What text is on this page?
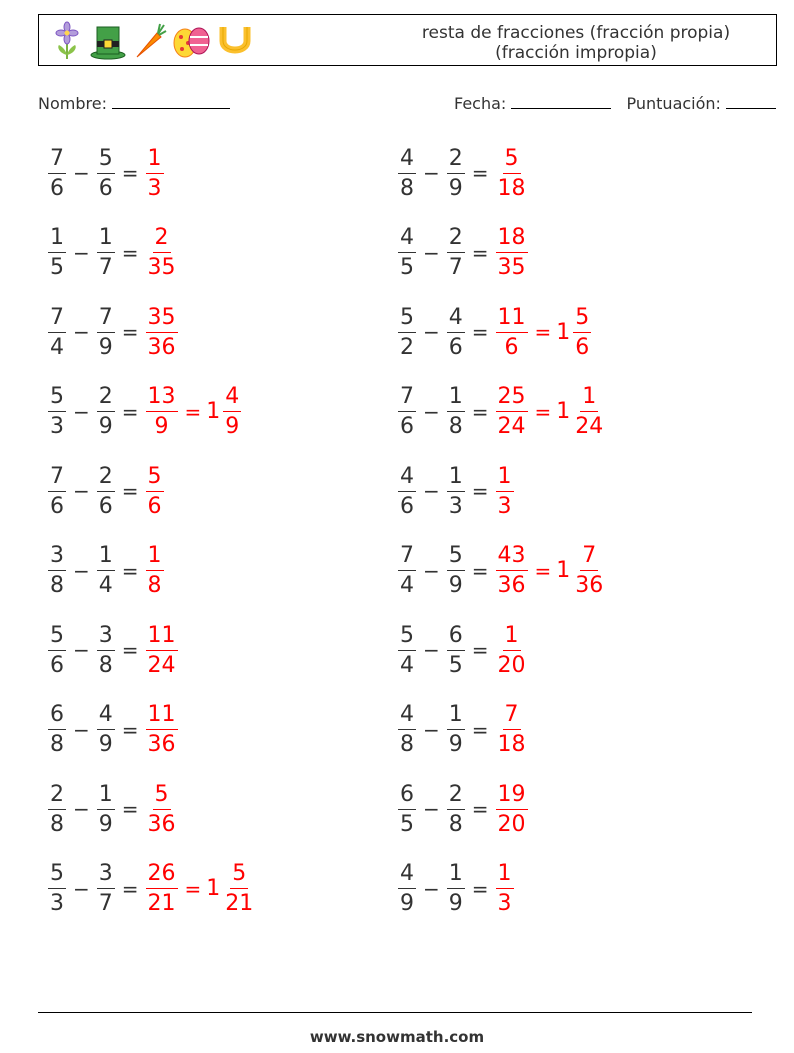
resta de fracciones (fracción propia)
(fracción impropia)
Nombre:	Fecha:	Puntuación:
$\frac{7}{6} - \frac{5}{6} = \frac{1}{3}$	$\frac{4}{8} - \frac{2}{9} = \frac{5}{18}$
$\frac{1}{5} - \frac{1}{7} = \frac{2}{35}$	$\frac{4}{5} - \frac{2}{7} = \frac{18}{35}$
$\frac{7}{4} - \frac{7}{9} = \frac{35}{36}$	$\frac{5}{2} - \frac{4}{6} = \frac{11}{6} = 1 \frac{5}{6}$
$\frac{5}{3} - \frac{2}{9} = \frac{13}{9} = 1 \frac{4}{9}$	$\frac{7}{6} - \frac{1}{8} = \frac{25}{24} = 1 \frac{1}{24}$
$\frac{7}{6} - \frac{2}{6} = \frac{5}{6}$	$\frac{4}{6} - \frac{1}{3} = \frac{1}{3}$
$\frac{3}{8} - \frac{1}{4} = \frac{1}{8}$	$\frac{7}{4} - \frac{5}{9} = \frac{43}{36} = 1 \frac{7}{36}$
$\frac{5}{6} - \frac{3}{8} = \frac{11}{24}$	$\frac{5}{4} - \frac{6}{5} = \frac{1}{20}$
$\frac{6}{8} - \frac{4}{9} = \frac{11}{36}$	$\frac{4}{8} - \frac{1}{9} = \frac{7}{18}$
$\frac{2}{8} - \frac{1}{9} = \frac{5}{36}$	$\frac{6}{5} - \frac{2}{8} = \frac{19}{20}$
$\frac{5}{3} - \frac{3}{7} = \frac{26}{21} = 1 \frac{5}{21}$	$\frac{4}{9} - \frac{1}{9} = \frac{1}{3}$
www.snowmath.com
